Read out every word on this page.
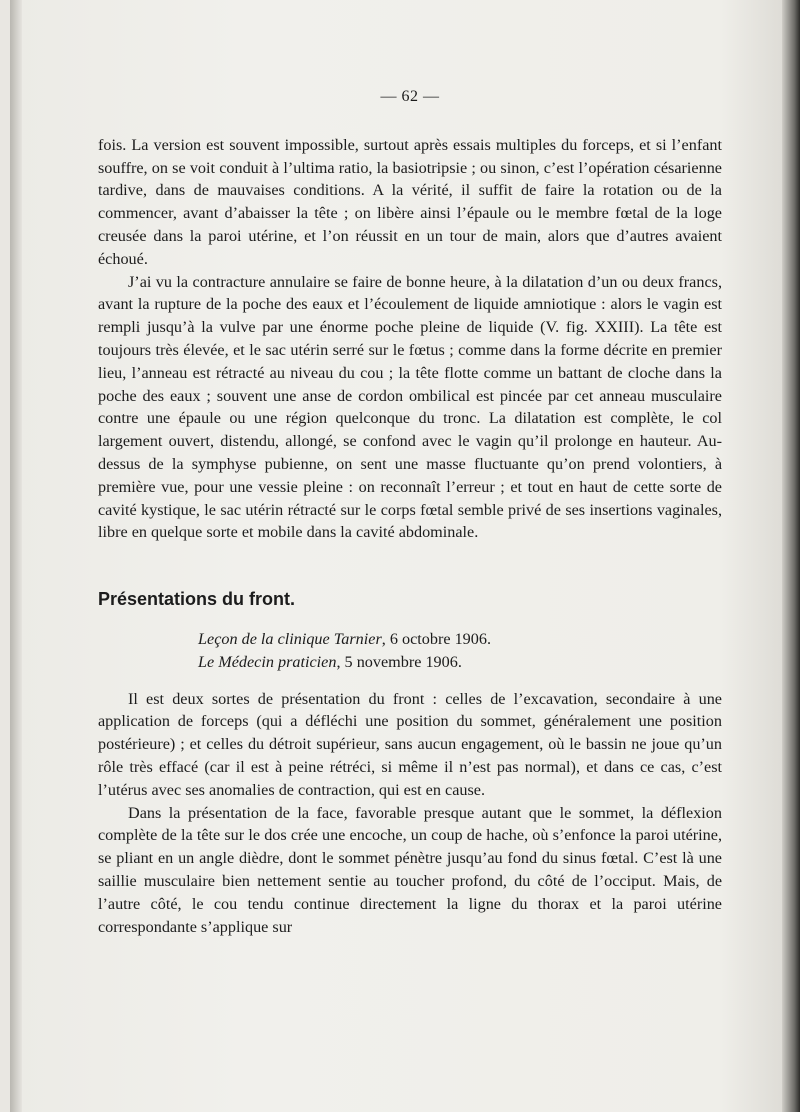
— 62 —

fois. La version est souvent impossible, surtout après essais multiples du forceps, et si l’enfant souffre, on se voit conduit à l’ultima ratio, la basiotripsie ; ou sinon, c’est l’opération césarienne tardive, dans de mauvaises conditions. A la vérité, il suffit de faire la rotation ou de la commencer, avant d’abaisser la tête ; on libère ainsi l’épaule ou le membre fœtal de la loge creusée dans la paroi utérine, et l’on réussit en un tour de main, alors que d’autres avaient échoué.

J’ai vu la contracture annulaire se faire de bonne heure, à la dilatation d’un ou deux francs, avant la rupture de la poche des eaux et l’écoulement de liquide amniotique : alors le vagin est rempli jusqu’à la vulve par une énorme poche pleine de liquide (V. fig. XXIII). La tête est toujours très élevée, et le sac utérin serré sur le fœtus ; comme dans la forme décrite en premier lieu, l’anneau est rétracté au niveau du cou ; la tête flotte comme un battant de cloche dans la poche des eaux ; souvent une anse de cordon ombilical est pincée par cet anneau musculaire contre une épaule ou une région quelconque du tronc. La dilatation est complète, le col largement ouvert, distendu, allongé, se confond avec le vagin qu’il prolonge en hauteur. Au-dessus de la symphyse pubienne, on sent une masse fluctuante qu’on prend volontiers, à première vue, pour une vessie pleine : on reconnaît l’erreur ; et tout en haut de cette sorte de cavité kystique, le sac utérin rétracté sur le corps fœtal semble privé de ses insertions vaginales, libre en quelque sorte et mobile dans la cavité abdominale.

Présentations du front.
Leçon de la clinique Tarnier, 6 octobre 1906.
Le Médecin praticien, 5 novembre 1906.

Il est deux sortes de présentation du front : celles de l’excavation, secondaire à une application de forceps (qui a défléchi une position du sommet, généralement une position postérieure) ; et celles du détroit supérieur, sans aucun engagement, où le bassin ne joue qu’un rôle très effacé (car il est à peine rétréci, si même il n’est pas normal), et dans ce cas, c’est l’utérus avec ses anomalies de contraction, qui est en cause.

Dans la présentation de la face, favorable presque autant que le sommet, la déflexion complète de la tête sur le dos crée une encoche, un coup de hache, où s’enfonce la paroi utérine, se pliant en un angle dièdre, dont le sommet pénètre jusqu’au fond du sinus fœtal. C’est là une saillie musculaire bien nettement sentie au toucher profond, du côté de l’occiput. Mais, de l’autre côté, le cou tendu continue directement la ligne du thorax et la paroi utérine correspondante s’applique sur
